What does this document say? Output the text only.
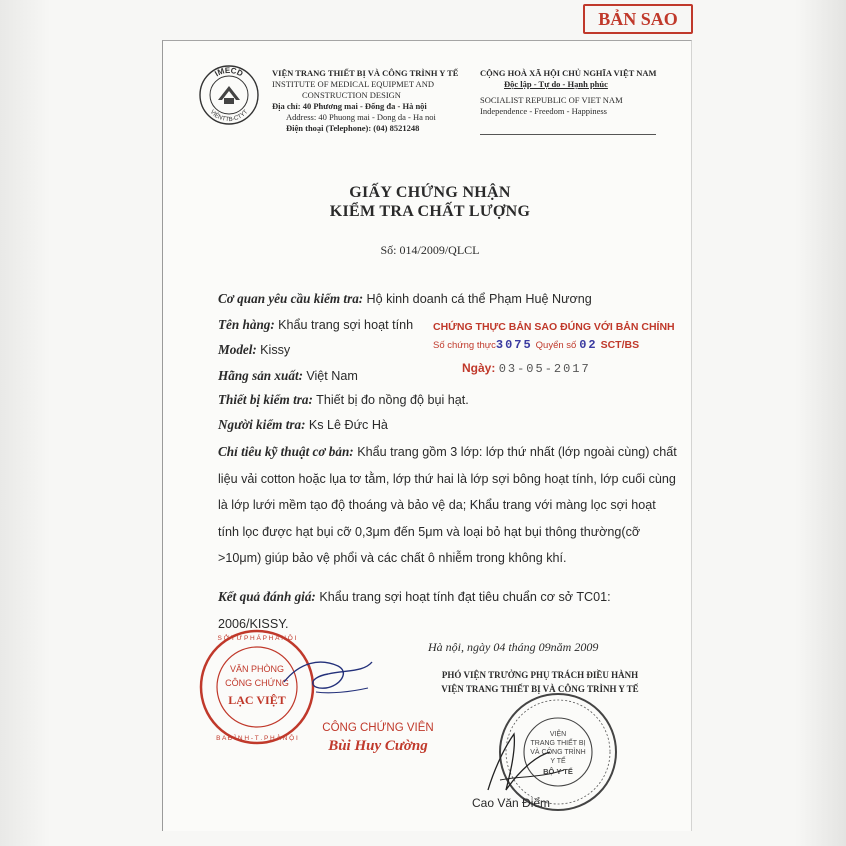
BẢN SAO
IMECD
VIỆNTTB-CTYT
VIỆN TRANG THIẾT BỊ VÀ CÔNG TRÌNH Y TẾ
INSTITUTE OF MEDICAL EQUIPMET AND
CONSTRUCTION DESIGN
Địa chỉ: 40 Phương mai - Đống đa - Hà nội
Address: 40 Phuong mai - Dong da - Ha noi
Điện thoại (Telephone): (04) 8521248
CỘNG HOÀ XÃ HỘI CHỦ NGHĨA VIỆT NAM
Độc lập - Tự do - Hạnh phúc
SOCIALIST REPUBLIC OF VIET NAM
Independence - Freedom - Happiness
GIẤY CHỨNG NHẬN
KIỂM TRA CHẤT LƯỢNG
Số: 014/2009/QLCL
Cơ quan yêu cầu kiểm tra: Hộ kinh doanh cá thể Phạm Huệ Nương
Tên hàng: Khẩu trang sợi hoạt tính
Model: Kissy
Hãng sản xuất: Việt Nam
Thiết bị kiểm tra: Thiết bị đo nồng độ bụi hạt.
Người kiểm tra: Ks Lê Đức Hà
Chỉ tiêu kỹ thuật cơ bản: Khẩu trang gồm 3 lớp: lớp thứ nhất (lớp ngoài cùng) chất liệu vải cotton hoặc lụa tơ tằm, lớp thứ hai là lớp sợi bông hoạt tính, lớp cuối cùng là lớp lưới mềm tạo độ thoáng và bảo vệ da; Khẩu trang với màng lọc sợi hoạt tính lọc được hạt bụi cỡ 0,3μm đến 5μm và loại bỏ hạt bụi thông thường(cỡ >10μm) giúp bảo vệ phổi và các chất ô nhiễm trong không khí.
Kết quả đánh giá: Khẩu trang sợi hoạt tính đạt tiêu chuẩn cơ sở TC01: 2006/KISSY.
CHỨNG THỰC BẢN SAO ĐÚNG VỚI BẢN CHÍNH
Số chứng thực3075 Quyển số 02 SCT/BS
Ngày: 03-05-2017
Hà nội, ngày 04 tháng 09năm 2009
PHÓ VIỆN TRƯỞNG PHỤ TRÁCH ĐIỀU HÀNH
VIỆN TRANG THIẾT BỊ VÀ CÔNG TRÌNH Y TẾ
VĂN PHÒNG
CÔNG CHỨNG
LẠC VIỆT
S Ở T Ư P H Á P H À N Ộ I
B A Đ Ì N H - T . P H À N Ộ I
CÔNG CHỨNG VIÊN
Bùi Huy Cường
VIỆN
TRANG THIẾT BỊ
VÀ CÔNG TRÌNH
Y TẾ
BỘ Y TẾ
Cao Văn Điểm
